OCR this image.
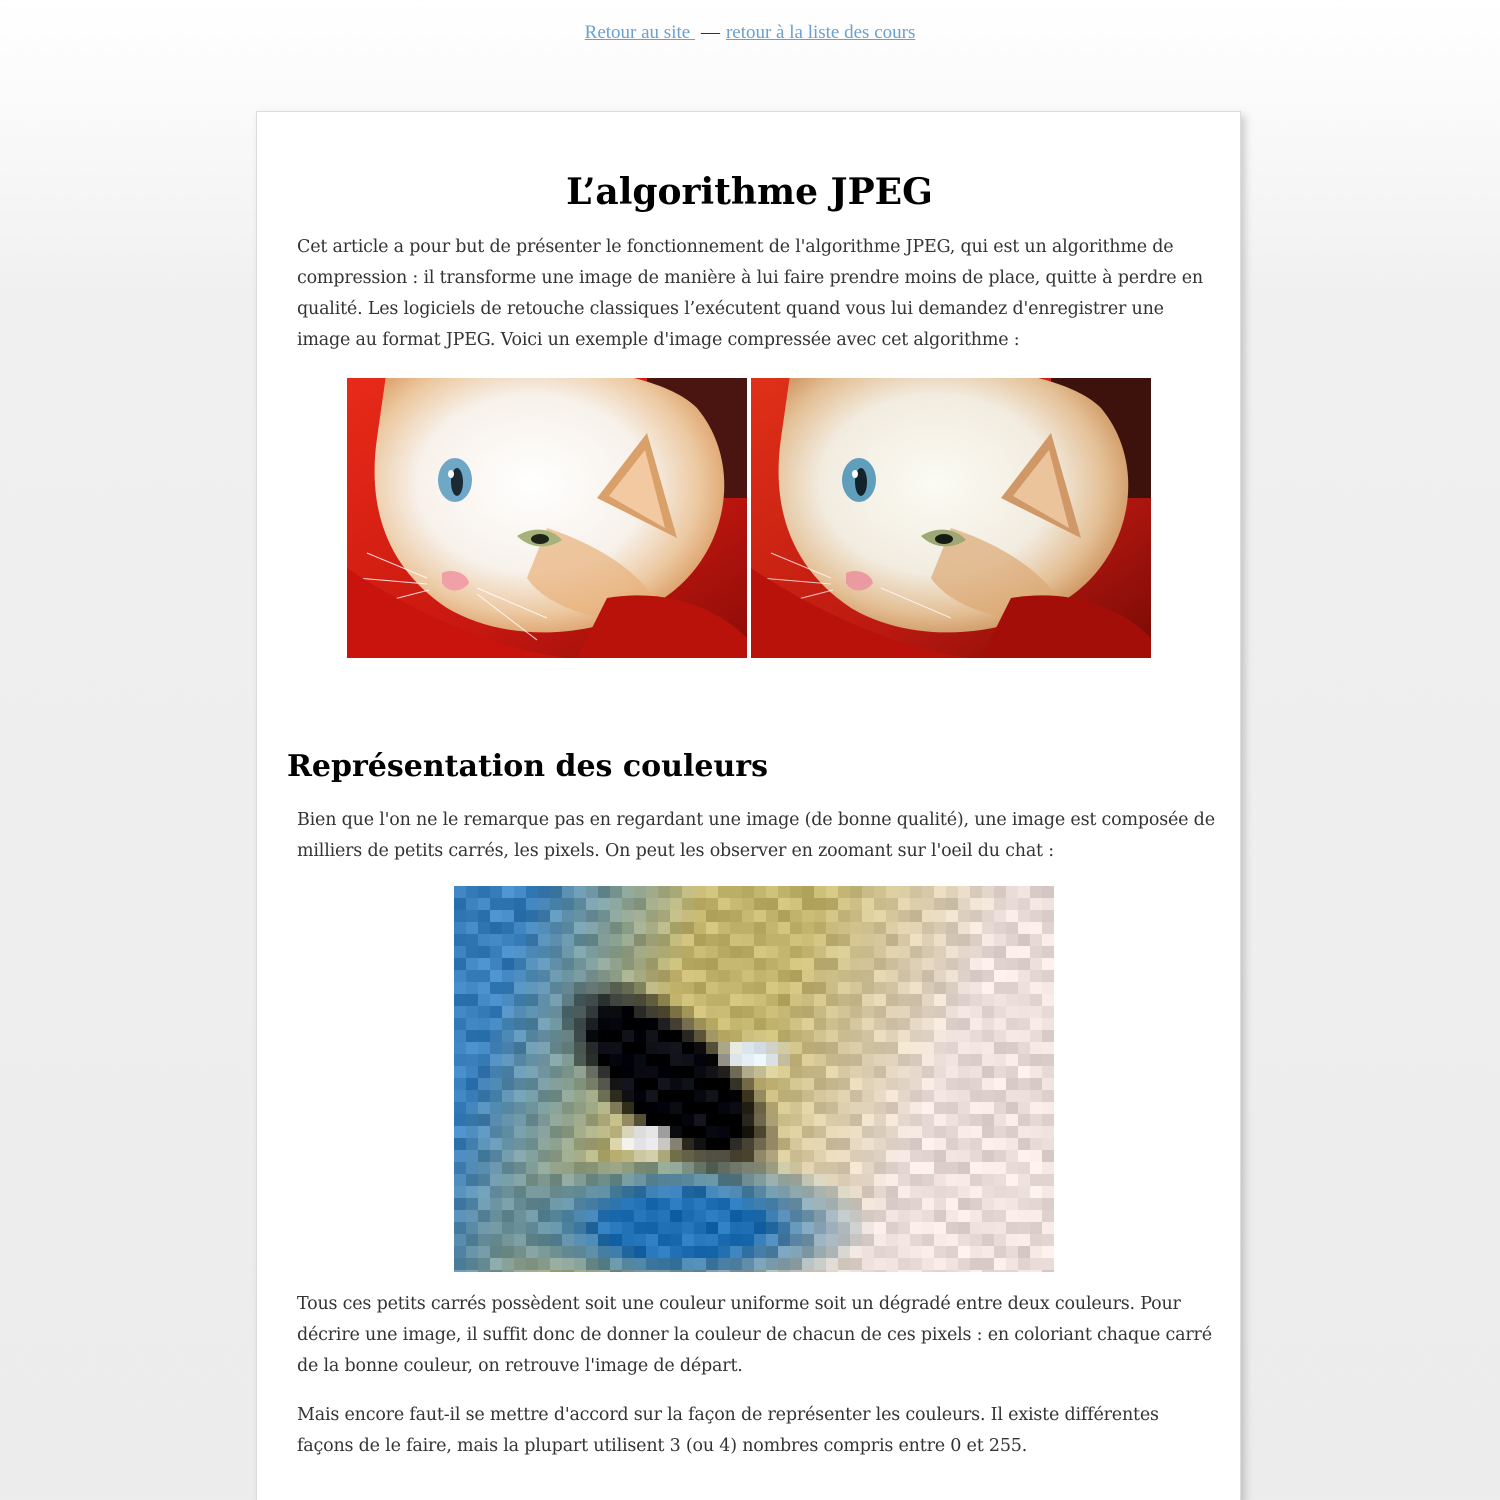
Retour au site — retour à la liste des cours
L’algorithme JPEG

Cet article a pour but de présenter le fonctionnement de l'algorithme JPEG, qui est un algorithme de compression : il transforme une image de manière à lui faire prendre moins de place, quitte à perdre en qualité. Les logiciels de retouche classiques l’exécutent quand vous lui demandez d'enregistrer une image au format JPEG. Voici un exemple d'image compressée avec cet algorithme :

Représentation des couleurs

Bien que l'on ne le remarque pas en regardant une image (de bonne qualité), une image est composée de milliers de petits carrés, les pixels. On peut les observer en zoomant sur l'oeil du chat :

Tous ces petits carrés possèdent soit une couleur uniforme soit un dégradé entre deux couleurs. Pour décrire une image, il suffit donc de donner la couleur de chacun de ces pixels : en coloriant chaque carré de la bonne couleur, on retrouve l'image de départ.

Mais encore faut-il se mettre d'accord sur la façon de représenter les couleurs. Il existe différentes façons de le faire, mais la plupart utilisent 3 (ou 4) nombres compris entre 0 et 255.
